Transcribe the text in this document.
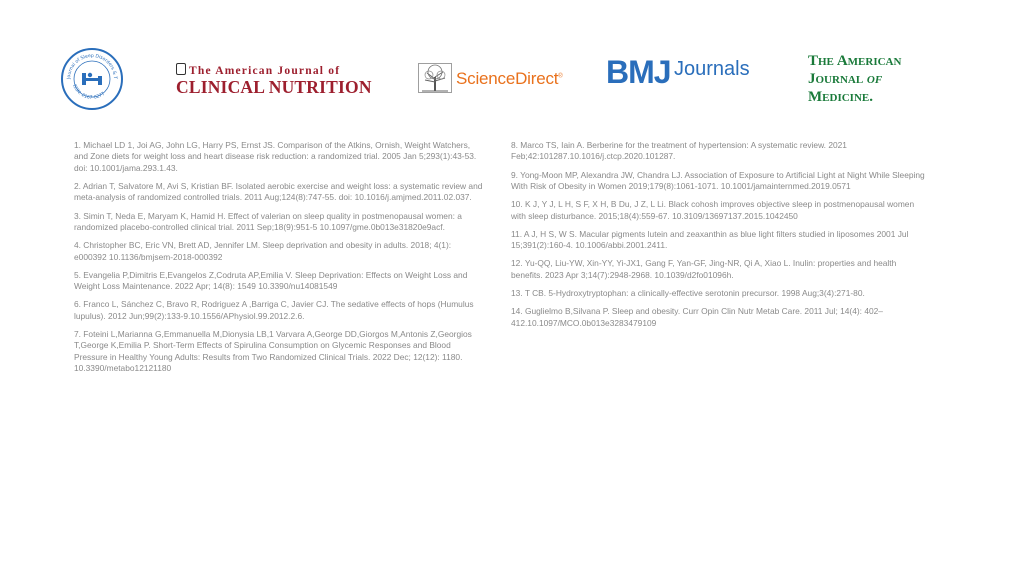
Journal of Sleep Disorders & T
ISSN: 2167-0277
The American Journal of
CLINICAL NUTRITION	ScienceDirect® BMJ Journals	The American
Journal of
Medicine.

1. Michael LD 1, Joi AG, John LG, Harry PS, Ernst JS. Comparison of the Atkins, Ornish, Weight Watchers, and Zone diets for weight loss and heart disease risk reduction: a randomized trial. 2005 Jan 5;293(1):43-53. doi: 10.1001/jama.293.1.43.

2. Adrian T, Salvatore M, Avi S, Kristian BF. Isolated aerobic exercise and weight loss: a systematic review and meta-analysis of randomized controlled trials. 2011 Aug;124(8):747-55. doi: 10.1016/j.amjmed.2011.02.037.

3. Simin T, Neda E, Maryam K, Hamid H. Effect of valerian on sleep quality in postmenopausal women: a randomized placebo-controlled clinical trial. 2011 Sep;18(9):951-5 10.1097/gme.0b013e31820e9acf.

4. Christopher BC, Eric VN, Brett AD, Jennifer LM. Sleep deprivation and obesity in adults. 2018; 4(1): e000392 10.1136/bmjsem-2018-000392

5. Evangelia P,Dimitris E,Evangelos Z,Codruta AP,Emilia V. Sleep Deprivation: Effects on Weight Loss and Weight Loss Maintenance. 2022 Apr; 14(8): 1549 10.3390/nu14081549

6. Franco L, Sánchez C, Bravo R, Rodriguez A ,Barriga C, Javier CJ. The sedative effects of hops (Humulus lupulus). 2012 Jun;99(2):133-9.10.1556/APhysiol.99.2012.2.6.

7. Foteini L,Marianna G,Emmanuella M,Dionysia LB,1 Varvara A,George DD,Giorgos M,Antonis Z,Georgios T,George K,Emilia P. Short-Term Effects of Spirulina Consumption on Glycemic Responses and Blood Pressure in Healthy Young Adults: Results from Two Randomized Clinical Trials. 2022 Dec; 12(12): 1180. 10.3390/metabo12121180

8. Marco TS, Iain A. Berberine for the treatment of hypertension: A systematic review. 2021 Feb;42:101287.10.1016/j.ctcp.2020.101287.

9. Yong-Moon MP, Alexandra JW, Chandra LJ. Association of Exposure to Artificial Light at Night While Sleeping With Risk of Obesity in Women 2019;179(8):1061-1071. 10.1001/jamainternmed.2019.0571

10. K J, Y J, L H, S F, X H, B Du, J Z, L Li. Black cohosh improves objective sleep in postmenopausal women with sleep disturbance. 2015;18(4):559-67. 10.3109/13697137.2015.1042450

11. A J, H S, W S. Macular pigments lutein and zeaxanthin as blue light filters studied in liposomes 2001 Jul 15;391(2):160-4. 10.1006/abbi.2001.2411.

12. Yu-QQ, Liu-YW, Xin-YY, Yi-JX1, Gang F, Yan-GF, Jing-NR, Qi A, Xiao L. Inulin: properties and health benefits. 2023 Apr 3;14(7):2948-2968. 10.1039/d2fo01096h.

13. T CB. 5-Hydroxytryptophan: a clinically-effective serotonin precursor. 1998 Aug;3(4):271-80.

14. Guglielmo B,Silvana P. Sleep and obesity. Curr Opin Clin Nutr Metab Care. 2011 Jul; 14(4): 402–412.10.1097/MCO.0b013e3283479109
